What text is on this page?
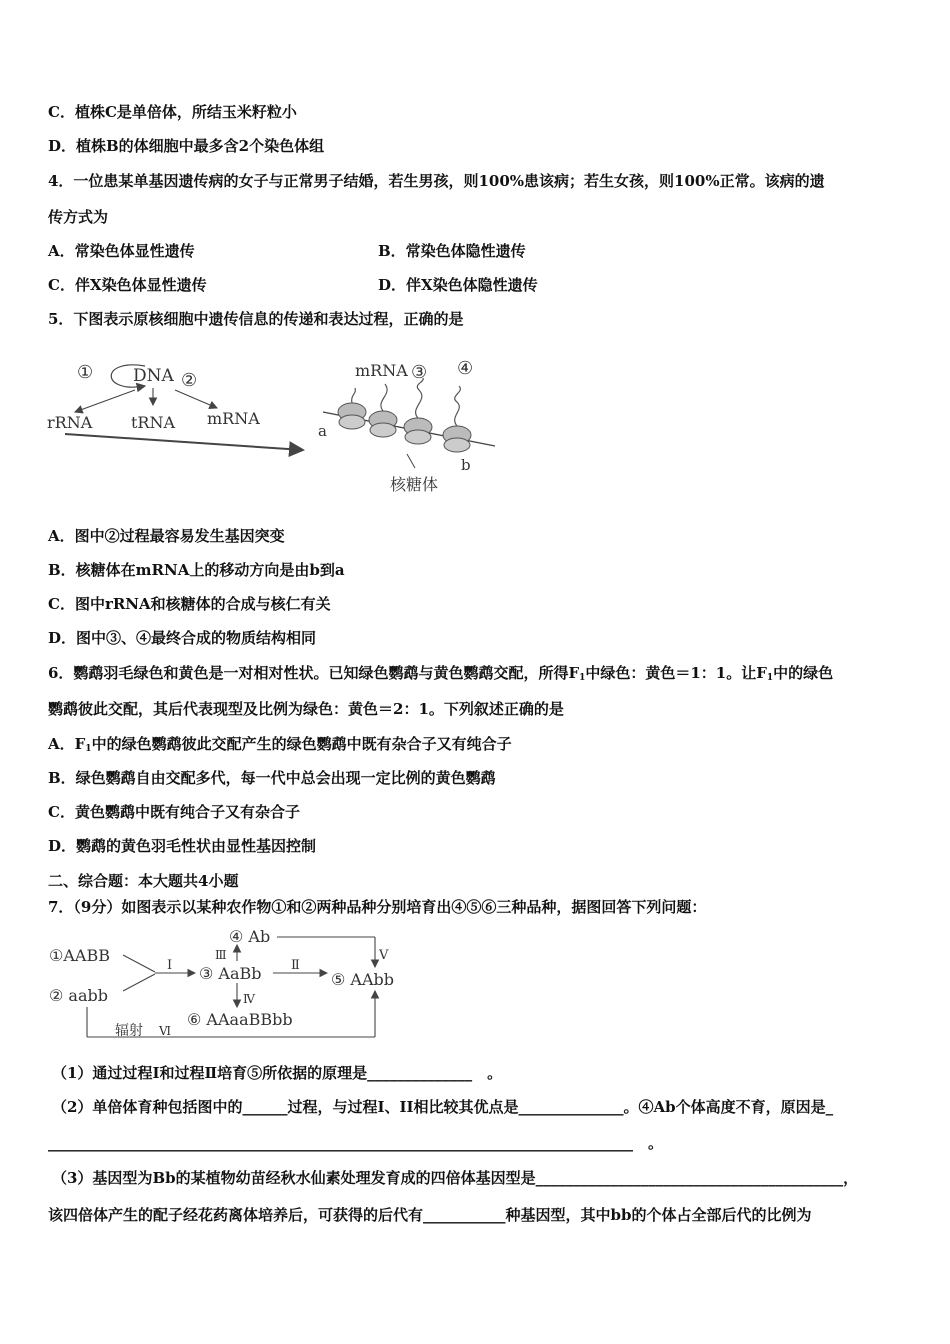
C．植株C是单倍体，所结玉米籽粒小
D．植株B的体细胞中最多含2个染色体组
4．一位患某单基因遗传病的女子与正常男子结婚，若生男孩，则100%患该病；若生女孩，则100%正常。该病的遗
传方式为
A．常染色体显性遗传	B．常染色体隐性遗传
C．伴X染色体显性遗传	D．伴X染色体隐性遗传
5．下图表示原核细胞中遗传信息的传递和表达过程，正确的是
① DNA ②
rRNA tRNA mRNA
mRNA ③ ④
a
b
核糖体
A．图中②过程最容易发生基因突变
B．核糖体在mRNA上的移动方向是由b到a
C．图中rRNA和核糖体的合成与核仁有关
D．图中③、④最终合成的物质结构相同
6．鹦鹉羽毛绿色和黄色是一对相对性状。已知绿色鹦鹉与黄色鹦鹉交配，所得$F_1$中绿色：黄色＝1：1。让$F_1$中的绿色
鹦鹉彼此交配，其后代表现型及比例为绿色：黄色＝2：1。下列叙述正确的是
A．$F_1$中的绿色鹦鹉彼此交配产生的绿色鹦鹉中既有杂合子又有纯合子
B．绿色鹦鹉自由交配多代，每一代中总会出现一定比例的黄色鹦鹉
C．黄色鹦鹉中既有纯合子又有杂合子
D．鹦鹉的黄色羽毛性状由显性基因控制
二、综合题：本大题共4小题
7．（9分）如图表示以某种农作物①和②两种品种分别培育出④⑤⑥三种品种，据图回答下列问题：
①AABB
② aabb
Ⅰ ③ AaBb
Ⅲ
④ Ab
Ⅴ
Ⅱ
⑤ AAbb
Ⅳ
⑥ AAaaBBbb
辐射 Ⅵ
（1）通过过程Ⅰ和过程Ⅱ培育⑤所依据的原理是______________　。
（2）单倍体育种包括图中的______过程，与过程I、II相比较其优点是______________。④Ab个体高度不育，原因是_
______________________________________________________________________________　。
（3）基因型为Bb的某植物幼苗经秋水仙素处理发育成的四倍体基因型是_________________________________________，
该四倍体产生的配子经花药离体培养后，可获得的后代有___________种基因型，其中bb的个体占全部后代的比例为
